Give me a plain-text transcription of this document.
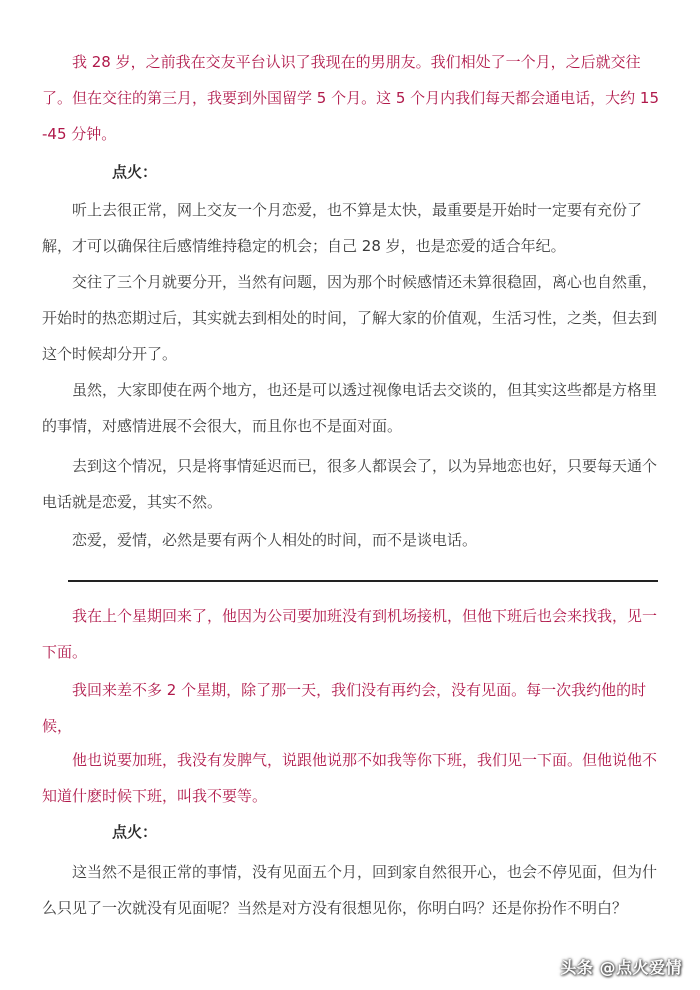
我 28 岁，之前我在交友平台认识了我现在的男朋友。我们相处了一个月，之后就交往了。但在交往的第三月，我要到外国留学 5 个月。这 5 个月内我们每天都会通电话，大约 15-45 分钟。

点火：

听上去很正常，网上交友一个月恋爱，也不算是太快，最重要是开始时一定要有充份了解，才可以确保往后感情维持稳定的机会；自己 28 岁，也是恋爱的适合年纪。

交往了三个月就要分开，当然有问题，因为那个时候感情还未算很稳固，离心也自然重，开始时的热恋期过后，其实就去到相处的时间，了解大家的价值观，生活习性，之类，但去到这个时候却分开了。

虽然，大家即使在两个地方，也还是可以透过视像电话去交谈的，但其实这些都是方格里的事情，对感情进展不会很大，而且你也不是面对面。

去到这个情况，只是将事情延迟而已，很多人都误会了，以为异地恋也好，只要每天通个电话就是恋爱，其实不然。

恋爱，爱情，必然是要有两个人相处的时间，而不是谈电话。

我在上个星期回来了，他因为公司要加班没有到机场接机，但他下班后也会来找我，见一下面。

我回来差不多 2 个星期，除了那一天，我们没有再约会，没有见面。每一次我约他的时候，

他也说要加班，我没有发脾气，说跟他说那不如我等你下班，我们见一下面。但他说他不知道什麽时候下班，叫我不要等。

点火：

这当然不是很正常的事情，没有见面五个月，回到家自然很开心，也会不停见面，但为什么只见了一次就没有见面呢？当然是对方没有很想见你，你明白吗？还是你扮作不明白？

头条 @点火爱情
